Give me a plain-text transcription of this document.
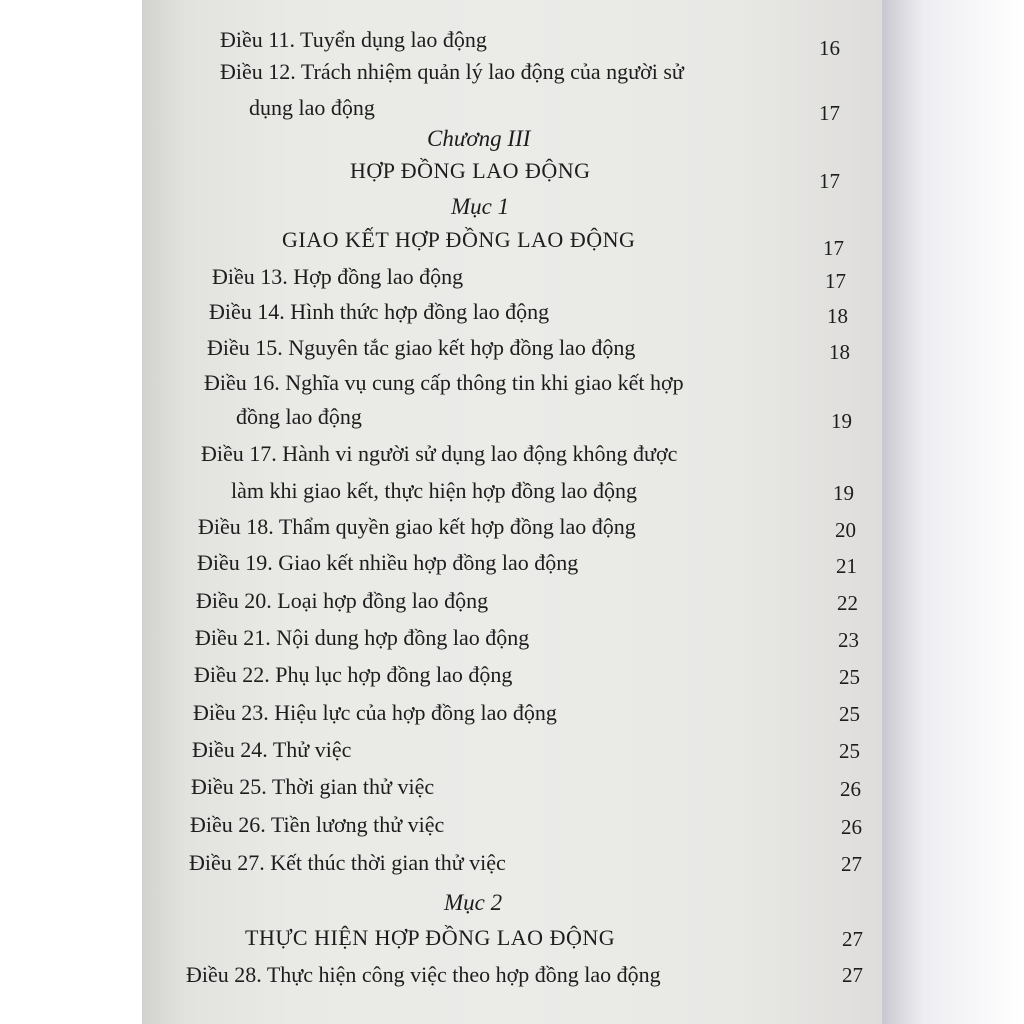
Điều 11. Tuyển dụng lao động	16
Điều 12. Trách nhiệm quản lý lao động của người sử
dụng lao động	17
Chương III
HỢP ĐỒNG LAO ĐỘNG	17
Mục 1
GIAO KẾT HỢP ĐỒNG LAO ĐỘNG	17
Điều 13. Hợp đồng lao động	17
Điều 14. Hình thức hợp đồng lao động	18
Điều 15. Nguyên tắc giao kết hợp đồng lao động	18
Điều 16. Nghĩa vụ cung cấp thông tin khi giao kết hợp
đồng lao động	19
Điều 17. Hành vi người sử dụng lao động không được
làm khi giao kết, thực hiện hợp đồng lao động	19
Điều 18. Thẩm quyền giao kết hợp đồng lao động	20
Điều 19. Giao kết nhiều hợp đồng lao động	21
Điều 20. Loại hợp đồng lao động	22
Điều 21. Nội dung hợp đồng lao động	23
Điều 22. Phụ lục hợp đồng lao động	25
Điều 23. Hiệu lực của hợp đồng lao động	25
Điều 24. Thử việc	25
Điều 25. Thời gian thử việc	26
Điều 26. Tiền lương thử việc	26
Điều 27. Kết thúc thời gian thử việc	27
Mục 2
THỰC HIỆN HỢP ĐỒNG LAO ĐỘNG	27
Điều 28. Thực hiện công việc theo hợp đồng lao động	27
